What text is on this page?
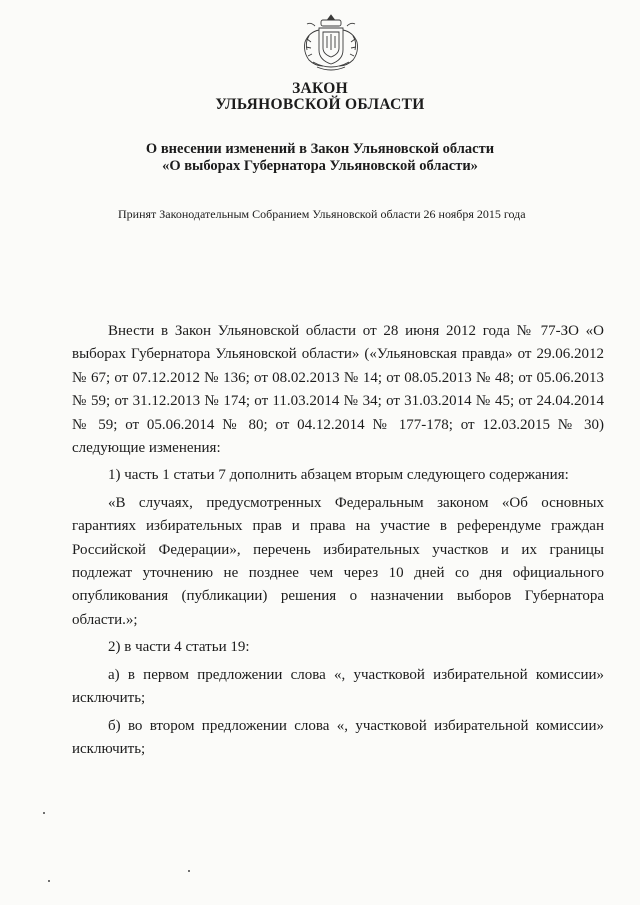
ЗАКОН
УЛЬЯНОВСКОЙ ОБЛАСТИ
О внесении изменений в Закон Ульяновской области
«О выборах Губернатора Ульяновской области»
Принят Законодательным Собранием Ульяновской области 26 ноября 2015 года

Внести в Закон Ульяновской области от 28 июня 2012 года № 77-ЗО «О выборах Губернатора Ульяновской области» («Ульяновская правда» от 29.06.2012 № 67; от 07.12.2012 № 136; от 08.02.2013 № 14; от 08.05.2013 № 48; от 05.06.2013 № 59; от 31.12.2013 № 174; от 11.03.2014 № 34; от 31.03.2014 № 45; от 24.04.2014 № 59; от 05.06.2014 № 80; от 04.12.2014 № 177-178; от 12.03.2015 № 30) следующие изменения:

1) часть 1 статьи 7 дополнить абзацем вторым следующего содержания:

«В случаях, предусмотренных Федеральным законом «Об основных гарантиях избирательных прав и права на участие в референдуме граждан Российской Федерации», перечень избирательных участков и их границы подлежат уточнению не позднее чем через 10 дней со дня официального опубликования (публикации) решения о назначении выборов Губернатора области.»;

2) в части 4 статьи 19:

а) в первом предложении слова «, участковой избирательной комиссии» исключить;

б) во втором предложении слова «, участковой избирательной комиссии» исключить;
